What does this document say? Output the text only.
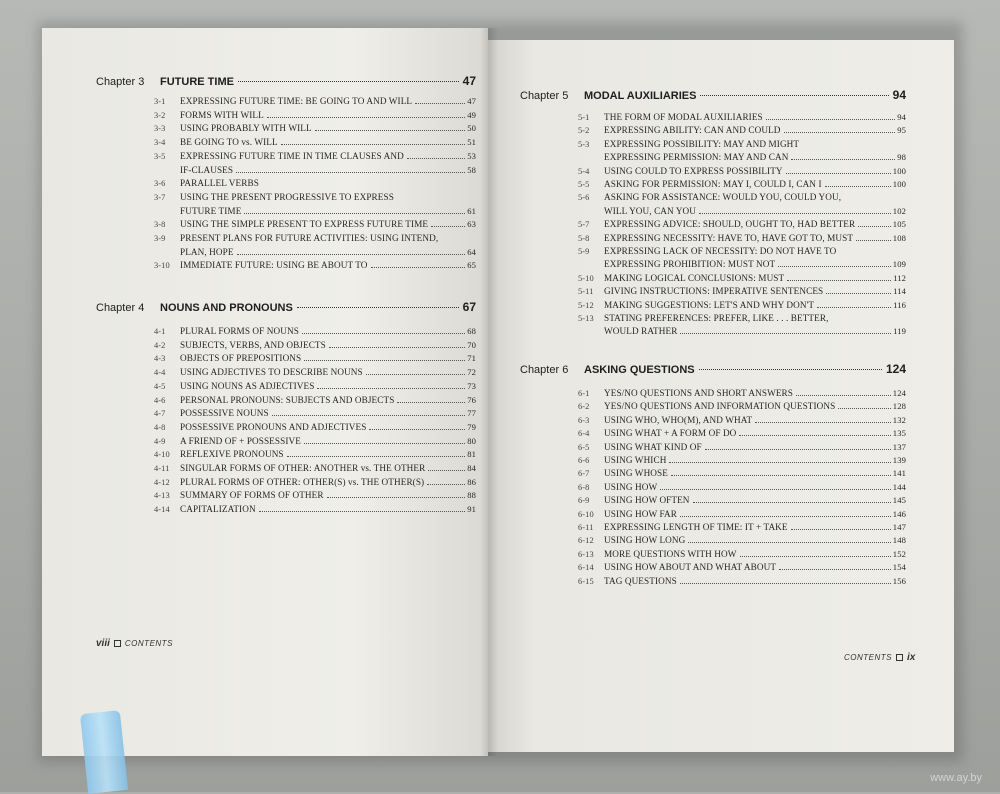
viii CONTENTS
CONTENTS ix
www.ay.by
Chapter 3	FUTURE TIME	47
3-1	EXPRESSING FUTURE TIME: BE GOING TO AND WILL	47
3-2	FORMS WITH WILL	49
3-3	USING PROBABLY WITH WILL	50
3-4	BE GOING TO vs. WILL	51
3-5	EXPRESSING FUTURE TIME IN TIME CLAUSES AND	53
IF-CLAUSES	58
3-6	PARALLEL VERBS
3-7	USING THE PRESENT PROGRESSIVE TO EXPRESS
FUTURE TIME	61
3-8	USING THE SIMPLE PRESENT TO EXPRESS FUTURE TIME	63
3-9	PRESENT PLANS FOR FUTURE ACTIVITIES: USING INTEND,
PLAN, HOPE	64
3-10	IMMEDIATE FUTURE: USING BE ABOUT TO	65
Chapter 4	NOUNS AND PRONOUNS	67
4-1	PLURAL FORMS OF NOUNS	68
4-2	SUBJECTS, VERBS, AND OBJECTS	70
4-3	OBJECTS OF PREPOSITIONS	71
4-4	USING ADJECTIVES TO DESCRIBE NOUNS	72
4-5	USING NOUNS AS ADJECTIVES	73
4-6	PERSONAL PRONOUNS: SUBJECTS AND OBJECTS	76
4-7	POSSESSIVE NOUNS	77
4-8	POSSESSIVE PRONOUNS AND ADJECTIVES	79
4-9	A FRIEND OF + POSSESSIVE	80
4-10	REFLEXIVE PRONOUNS	81
4-11	SINGULAR FORMS OF OTHER: ANOTHER vs. THE OTHER	84
4-12	PLURAL FORMS OF OTHER: OTHER(S) vs. THE OTHER(S)	86
4-13	SUMMARY OF FORMS OF OTHER	88
4-14	CAPITALIZATION	91
Chapter 5	MODAL AUXILIARIES	94
5-1	THE FORM OF MODAL AUXILIARIES	94
5-2	EXPRESSING ABILITY: CAN AND COULD	95
5-3	EXPRESSING POSSIBILITY: MAY AND MIGHT
EXPRESSING PERMISSION: MAY AND CAN	98
5-4	USING COULD TO EXPRESS POSSIBILITY	100
5-5	ASKING FOR PERMISSION: MAY I, COULD I, CAN I	100
5-6	ASKING FOR ASSISTANCE: WOULD YOU, COULD YOU,
WILL YOU, CAN YOU	102
5-7	EXPRESSING ADVICE: SHOULD, OUGHT TO, HAD BETTER	105
5-8	EXPRESSING NECESSITY: HAVE TO, HAVE GOT TO, MUST	108
5-9	EXPRESSING LACK OF NECESSITY: DO NOT HAVE TO
EXPRESSING PROHIBITION: MUST NOT	109
5-10	MAKING LOGICAL CONCLUSIONS: MUST	112
5-11	GIVING INSTRUCTIONS: IMPERATIVE SENTENCES	114
5-12	MAKING SUGGESTIONS: LET'S AND WHY DON'T	116
5-13	STATING PREFERENCES: PREFER, LIKE . . . BETTER,
WOULD RATHER	119
Chapter 6	ASKING QUESTIONS	124
6-1	YES/NO QUESTIONS AND SHORT ANSWERS	124
6-2	YES/NO QUESTIONS AND INFORMATION QUESTIONS	128
6-3	USING WHO, WHO(M), AND WHAT	132
6-4	USING WHAT + A FORM OF DO	135
6-5	USING WHAT KIND OF	137
6-6	USING WHICH	139
6-7	USING WHOSE	141
6-8	USING HOW	144
6-9	USING HOW OFTEN	145
6-10	USING HOW FAR	146
6-11	EXPRESSING LENGTH OF TIME: IT + TAKE	147
6-12	USING HOW LONG	148
6-13	MORE QUESTIONS WITH HOW	152
6-14	USING HOW ABOUT AND WHAT ABOUT	154
6-15	TAG QUESTIONS	156
